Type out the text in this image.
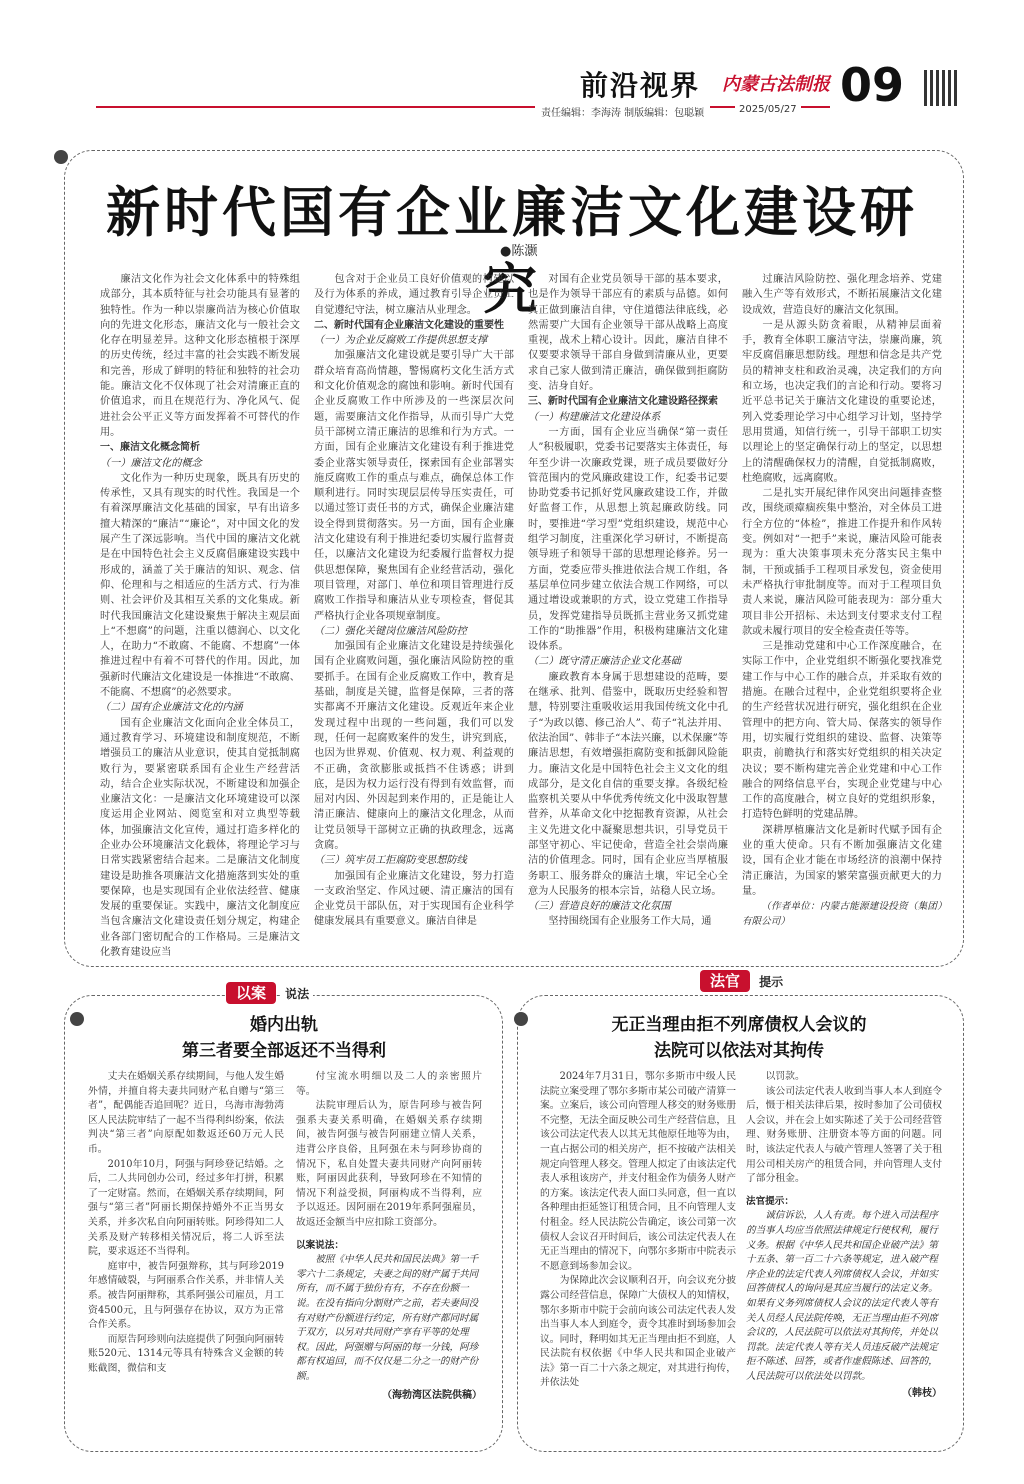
前沿视界 内蒙古法制报 09
责任编辑：李海涛 制版编辑：包聪颖	2025/05/27
新时代国有企业廉洁文化建设研究
●陈灏

廉洁文化作为社会文化体系中的特殊组成部分，其本质特征与社会功能具有显著的独特性。作为一种以崇廉尚洁为核心价值取向的先进文化形态，廉洁文化与一般社会文化存在明显差异。这种文化形态植根于深厚的历史传统，经过丰富的社会实践不断发展和完善，形成了鲜明的特征和独特的社会功能。廉洁文化不仅体现了社会对清廉正直的价值追求，而且在规范行为、净化风气、促进社会公平正义等方面发挥着不可替代的作用。

一、廉洁文化概念简析

（一）廉洁文化的概念

文化作为一种历史现象，既具有历史的传承性，又具有现实的时代性。我国是一个有着深厚廉洁文化基础的国家，早有出谙多擅大精深的“廉洁”“廉论”，对中国文化的发展产生了深远影响。当代中国的廉洁文化就是在中国特色社会主义反腐倡廉建设实践中形成的，涵盖了关于廉洁的知识、观念、信仰、伦理和与之相适应的生活方式、行为准则、社会评价及其相互关系的文化集成。新时代我国廉洁文化建设聚焦于解决主观层面上“不想腐”的问题，注重以德润心、以文化人，在助力“不敢腐、不能腐、不想腐”一体推进过程中有着不可替代的作用。因此，加强新时代廉洁文化建设是一体推进“不敢腐、不能腐、不想腐”的必然要求。

（二）国有企业廉洁文化的内涵

国有企业廉洁文化面向企业全体员工，通过教育学习、环境建设和制度规范，不断增强员工的廉洁从业意识，使其自觉抵制腐败行为，要紧密联系国有企业生产经营活动，结合企业实际状况，不断建设和加强企业廉洁文化：一是廉洁文化环境建设可以深度运用企业网站、阅览室和对立典型等载体，加强廉洁文化宣传，通过打造多样化的企业办公环境廉洁文化载体，将理论学习与日常实践紧密结合起来。二是廉洁文化制度建设是助推各项廉洁文化措施落到实处的重要保障，也是实现国有企业依法经营、健康发展的重要保证。实践中，廉洁文化制度应当包含廉洁文化建设责任划分规定，构建企业各部门密切配合的工作格局。三是廉洁文化教育建设应当

包含对于企业员工良好价值观的构建以及行为体系的养成，通过教育引导企业员工自觉遵纪守法，树立廉洁从业理念。

二、新时代国有企业廉洁文化建设的重要性

（一）为企业反腐败工作提供思想支撑

加强廉洁文化建设就是要引导广大干部群众培育高尚情趣，警惕腐朽文化生活方式和文化价值观念的腐蚀和影响。新时代国有企业反腐败工作中所涉及的一些深层次问题，需要廉洁文化作指导，从而引导广大党员干部树立清正廉洁的思维和行为方式。一方面，国有企业廉洁文化建设有利于推进党委企业落实领导责任，探索国有企业部署实施反腐败工作的重点与难点，确保总体工作顺利进行。同时实现层层传导压实责任，可以通过签订责任书的方式，确保企业廉洁建设全得到贯彻落实。另一方面，国有企业廉洁文化建设有利于推进纪委切实履行监督责任，以廉洁文化建设为纪委履行监督权力提供思想保障，聚焦国有企业经营活动，强化项目管理，对部门、单位和项目管理进行反腐败工作指导和廉洁从业专项检查，督促其严格执行企业各项规章制度。

（二）强化关键岗位廉洁风险防控

加强国有企业廉洁文化建设是持续强化国有企业腐败问题，强化廉洁风险防控的重要抓手。在国有企业反腐败工作中，教育是基础，制度是关键，监督是保障，三者的落实都离不开廉洁文化建设。反观近年来企业发现过程中出现的一些问题，我们可以发现，任何一起腐败案件的发生，讲究到底，也因为世界观、价值观、权力观、利益观的不正确，贪欲膨胀或抵挡不住诱惑；讲到底，是因为权力运行没有得到有效监督，而屈对内因、外因起到来作用的，正是能让人清正廉洁、健康向上的廉洁文化理念，从而让党员领导干部树立正确的执政理念，远离贪腐。

（三）筑牢员工拒腐防变思想防线

加强国有企业廉洁文化建设，努力打造一支政治坚定、作风过硬、清正廉洁的国有企业党员干部队伍，对于实现国有企业科学健康发展具有重要意义。廉洁自律是

对国有企业党员领导干部的基本要求，也是作为领导干部应有的素质与品德。如何真正做到廉洁自律，守住道德法律底线，必然需要广大国有企业领导干部从战略上高度重视，战术上精心设计。因此，廉洁自律不仅要要求领导干部自身做到清廉从业，更要求自己家人做到清正廉洁，确保做到拒腐防变、洁身自好。

三、新时代国有企业廉洁文化建设路径探索

（一）构建廉洁文化建设体系

一方面，国有企业应当确保“第一责任人”积极履职，党委书记要落实主体责任，每年至少讲一次廉政党课，班子成员要做好分管范围内的党风廉政建设工作，纪委书记要协助党委书记抓好党风廉政建设工作，并做好监督工作，从思想上筑起廉政防线。同时，要推进“学习型”党组织建设，规范中心组学习制度，注重深化学习研讨，不断提高领导班子和领导干部的思想理论修养。另一方面，党委应带头推进依法合规工作组，各基层单位同步建立依法合规工作网络，可以通过增设或兼职的方式，设立党建工作指导员，发挥党建指导员既抓主营业务又抓党建工作的“助推器”作用，积极构建廉洁文化建设体系。

（二）既守清正廉洁企业文化基础

廉政教育本身属于思想建设的范畴，要在继承、批判、借鉴中，既取历史经验和智慧，特别要注重吸收运用我国传统文化中孔子“为政以德、修己治人”、荀子“礼法并用、依法治国”、韩非子“本法兴廉，以术保廉”等廉洁思想，有效增强拒腐防变和抵御风险能力。廉洁文化是中国特色社会主义文化的组成部分，是文化自信的重要支撑。各级纪检监察机关要从中华优秀传统文化中汲取智慧营养，从革命文化中挖掘教育资源，从社会主义先进文化中凝聚思想共识，引导党员干部坚守初心、牢记使命，营造全社会崇尚廉洁的价值理念。同时，国有企业应当厚植服务职工、服务群众的廉洁土壤，牢记全心全意为人民服务的根本宗旨，站稳人民立场。

（三）营造良好的廉洁文化氛围

坚持围绕国有企业服务工作大局，通

过廉洁风险防控、强化理念培养、党建融入生产等有效形式，不断拓展廉洁文化建设成效，营造良好的廉洁文化氛围。

一是从源头防贪着眼，从精神层面着手，教育全体职工廉洁守法，崇廉尚廉，筑牢反腐倡廉思想防线。理想和信念是共产党员的精神支柱和政治灵魂，决定我们的方向和立场，也决定我们的言论和行动。要将习近平总书记关于廉洁文化建设的重要论述，列入党委理论学习中心组学习计划，坚持学思用贯通，知信行统一，引导干部职工切实以理论上的坚定确保行动上的坚定，以思想上的清醒确保权力的清醒，自觉抵制腐败，杜绝腐败，远离腐败。

二是扎实开展纪律作风突出问题排查整改，围绕顽瘴痼疾集中整治，对全体员工进行全方位的“体检”，推进工作提升和作风转变。例如对“一把手”来说，廉洁风险可能表现为：重大决策事项未充分落实民主集中制，干预或插手工程项目承发包，资金使用未严格执行审批制度等。而对于工程项目负责人来说，廉洁风险可能表现为：部分重大项目非公开招标、未达到支付要求支付工程款或未履行项目的安全检查责任等等。

三是推动党建和中心工作深度融合，在实际工作中，企业党组织不断强化要找准党建工作与中心工作的融合点，并采取有效的措施。在融合过程中，企业党组织要将企业的生产经营状况进行研究，强化组织在企业管理中的把方向、管大局、保落实的领导作用，切实履行党组织的建设、监督、决策等职责，前瞻执行和落实好党组织的相关决定决议；要不断构建完善企业党建和中心工作融合的网络信息平台，实现企业党建与中心工作的高度融合，树立良好的党组织形象，打造特色鲜明的党建品牌。

深耕厚植廉洁文化是新时代赋予国有企业的重大使命。只有不断加强廉洁文化建设，国有企业才能在市场经济的浪潮中保持清正廉洁，为国家的繁荣富强贡献更大的力量。

（作者单位：内蒙古能源建设投资（集团）有限公司）

以案 说法
婚内出轨
第三者要全部返还不当得利

丈夫在婚姻关系存续期间，与他人发生婚外情，并擅自将夫妻共同财产私自赠与“第三者”，配偶能否追回呢？近日，乌海市海勃湾区人民法院审结了一起不当得利纠纷案，依法判决“第三者”向原配如数返还60万元人民币。

2010年10月，阿强与阿珍登记结婚。之后，二人共同创办公司，经过多年打拼，积累了一定财富。然而，在婚姻关系存续期间，阿强与“第三者”阿丽长期保持婚外不正当男女关系，并多次私自向阿丽转账。阿珍得知二人关系及财产转移相关情况后，将二人诉至法院，要求返还不当得利。

庭审中，被告阿强辩称，其与阿珍2019年感情破裂，与阿丽系合作关系，并非情人关系。被告阿丽辩称，其系阿强公司雇员，月工资4500元，且与阿强存在协议，双方为正常合作关系。

而原告阿珍则向法庭提供了阿强向阿丽转账520元、1314元等具有特殊含义金额的转账截图，微信和支

付宝流水明细以及二人的亲密照片等。

法院审理后认为，原告阿珍与被告阿强系夫妻关系明确，在婚姻关系存续期间，被告阿强与被告阿丽建立情人关系，违背公序良俗，且阿强在未与阿珍协商的情况下，私自处置夫妻共同财产向阿丽转账，阿丽因此获利，导致阿珍在不知情的情况下利益受损，阿丽构成不当得利，应予以返还。因阿丽在2019年系阿强雇员，故返还金额当中应扣除工资部分。

以案说法：

被照《中华人民共和国民法典》第一千零六十二条规定，夫妻之间的财产属于共同所有，而不属于独份有有，不存在份额一说。在没有指向分割财产之前，若夫妻间没有对财产份额进行约定，所有财产都同时属于双方，以另对共同财产享有平等的处理权。因此，阿强赠与阿丽的每一分钱，阿珍都有权追回，而不仅仅是二分之一的财产份额。

（海勃湾区法院供稿）
法官 提示
无正当理由拒不列席债权人会议的
法院可以依法对其拘传

2024年7月31日，鄂尔多斯市中级人民法院立案受理了鄂尔多斯市某公司破产清算一案。立案后，该公司向管理人移交的财务账册不完整，无法全面反映公司生产经营信息，且该公司法定代表人以其无其他原任地等为由，一直占据公司的相关房产，拒不按破产法相关规定向管理人移交。管理人拟定了由该法定代表人承租该房产，并支付租金作为债务人财产的方案。该法定代表人面口头同意，但一直以各种理由拒延签订租赁合同，且不向管理人支付租金。经人民法院公告确定，该公司第一次债权人会议召开时间后，该公司法定代表人在无正当理由的情况下，向鄂尔多斯市中院表示不愿意到场参加会议。

为保障此次会议顺利召开，向会议充分披露公司经营信息，保障广大债权人的知情权，鄂尔多斯市中院于会前向该公司法定代表人发出当事人本人到庭令，责令其准时到场参加会议。同时，释明如其无正当理由拒不到庭，人民法院有权依据《中华人民共和国企业破产法》第一百二十六条之规定，对其进行拘传，并依法处

以罚款。

该公司法定代表人收到当事人本人到庭令后，慑于相关法律后果，按时参加了公司债权人会议，并在会上如实陈述了关于公司经营管理、财务账册、注册资本等方面的问题。同时，该法定代表人与破产管理人签署了关于租用公司相关房产的租赁合同，并向管理人支付了部分租金。

法官提示：

诚信诉讼，人人有责。每个进入司法程序的当事人均应当依照法律规定行使权利，履行义务。根据《中华人民共和国企业破产法》第十五条、第一百二十六条等规定，进入破产程序企业的法定代表人列席债权人会议，并如实回答债权人的询问是其应当履行的法定义务。如果有义务列席债权人会议的法定代表人等有关人员经人民法院传唤，无正当理由拒不列席会议的，人民法院可以依法对其拘传，并处以罚款。法定代表人等有关人员违反破产法规定拒不陈述、回答，或者作虚假陈述、回答的，人民法院可以依法处以罚款。

（韩枝）
